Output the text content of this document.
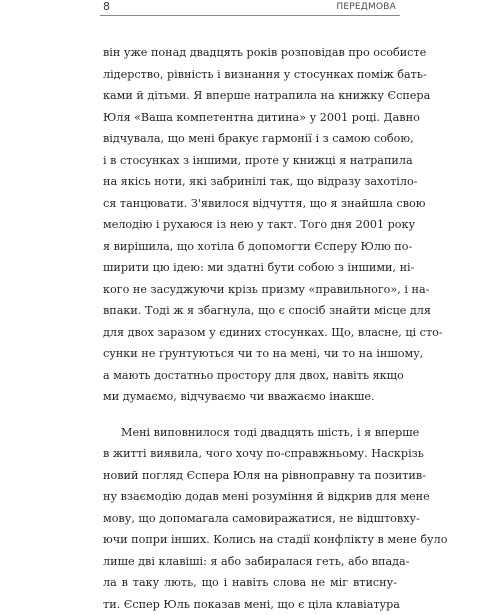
8	ПЕРЕДМОВА
він уже понад двадцять років розповідав про особисте
лідерство, рівність і визнання у стосунках поміж бать-
ками й дітьми. Я вперше натрапила на книжку Єспера
Юля «Ваша компетентна дитина» у 2001 році. Давно
відчувала, що мені бракує гармонії і з самою собою,
і в стосунках з іншими, проте у книжці я натрапила
на якісь ноти, які забринілі так, що відразу захотіло-
ся танцювати. З'явилося відчуття, що я знайшла свою
мелодію і рухаюся із нею у такт. Того дня 2001 року
я вирішила, що хотіла б допомогти Єсперу Юлю по-
ширити цю ідею: ми здатні бути собою з іншими, ні-
кого не засуджуючи крізь призму «правильного», і на-
впаки. Тоді ж я збагнула, що є спосіб знайти місце для
для двох заразом у єдиних стосунках. Що, власне, ці сто-
сунки не ґрунтуються чи то на мені, чи то на іншому,
а мають достатньо простору для двох, навіть якщо
ми думаємо, відчуваємо чи вважаємо інакше.
Мені виповнилося тоді двадцять шість, і я вперше
в житті виявила, чого хочу по-справжньому. Наскрізь
новий погляд Єспера Юля на рівноправну та позитив-
ну взаємодію додав мені розуміння й відкрив для мене
мову, що допомагала самовиражатися, не відштовху-
ючи попри інших. Колись на стадії конфлікту в мене було
лише дві клавіші: я або забиралася геть, або впада-
ла в таку лють, що і навіть слова не міг втисну-
ти. Єспер Юль показав мені, що є ціла клавіатура
